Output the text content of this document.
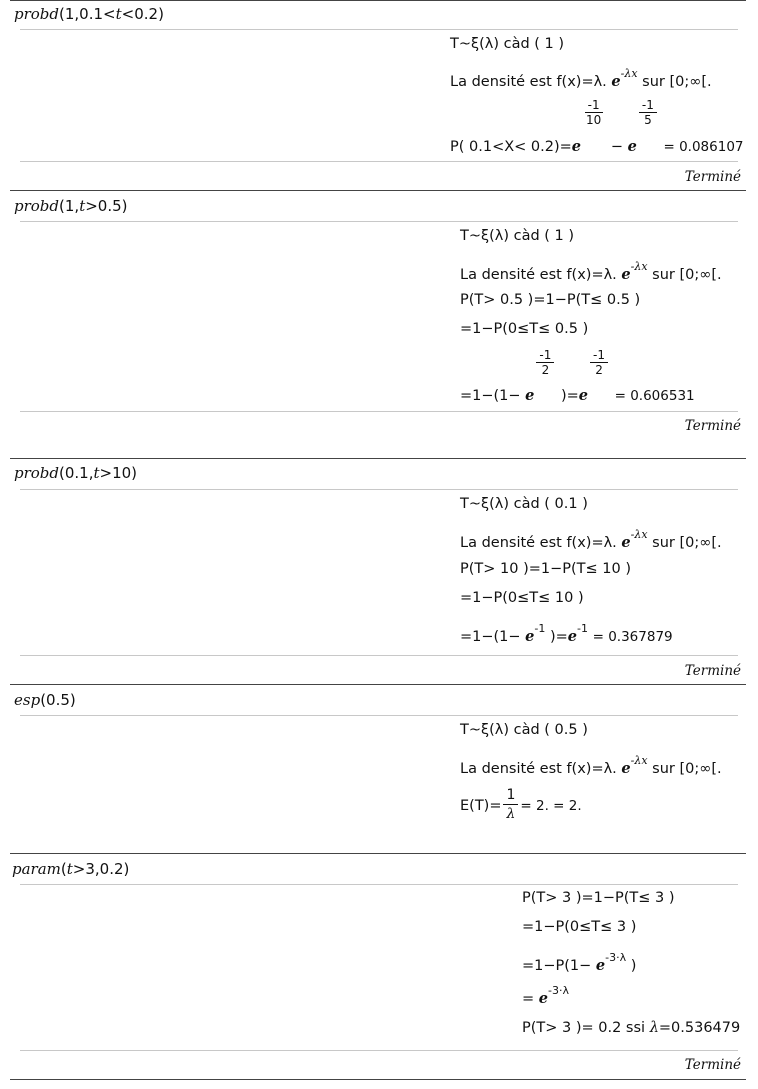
probd(1,0.1<t<0.2)
T~ξ(λ) càd ( 1 )
La densité est f(x)=λ. $e^{-\lambda x}$ sur [0;∞[.
P( 0.1<X< 0.2)=e
$\frac{-1}{10}$
− e
$\frac{-1}{5}$
= 0.086107
Terminé
probd(1,t>0.5)
T~ξ(λ) càd ( 1 )
La densité est f(x)=λ. $e^{-\lambda x}$ sur [0;∞[.
P(T> 0.5 )=1−P(T≤ 0.5 )
=1−P(0≤T≤ 0.5 )
=1−(1− e
$\frac{-1}{2}$
)=e
$\frac{-1}{2}$
= 0.606531
Terminé
probd(0.1,t>10)
T~ξ(λ) càd ( 0.1 )
La densité est f(x)=λ. $e^{-\lambda x}$ sur [0;∞[.
P(T> 10 )=1−P(T≤ 10 )
=1−P(0≤T≤ 10 )
$=1-(1- e^{-1}$ )$=e^{-1} = 0.367879$
Terminé
esp(0.5)
T~ξ(λ) càd ( 0.5 )
La densité est f(x)=λ. $e^{-\lambda x}$ sur [0;∞[.
$E(T)= \frac{1}{\lambda} = 2$. = 2.
param(t>3,0.2)
P(T> 3 )=1−P(T≤ 3 )
=1−P(0≤T≤ 3 )
$=1-P(1- e^{-3\cdot\lambda}$ )
= $e^{-3\cdot\lambda}$
P(T> 3 )= 0.2 ssi λ=0.536479
Terminé
